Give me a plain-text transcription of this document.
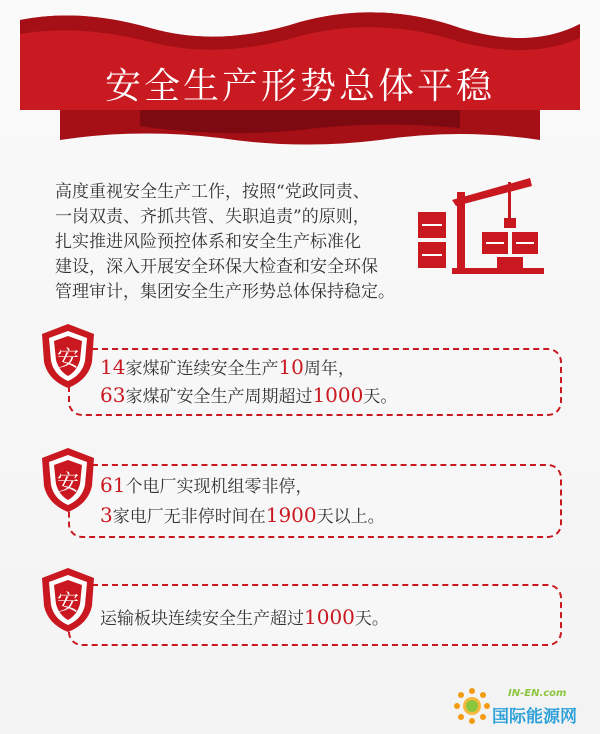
安全生产形势总体平稳

高度重视安全生产工作，按照“党政同责、

一岗双责、齐抓共管、失职追责”的原则，

扎实推进风险预控体系和安全生产标准化

建设，深入开展安全环保大检查和安全环保

管理审计，集团安全生产形势总体保持稳定。

安 14家煤矿连续安全生产10周年，
63家煤矿安全生产周期超过1000天。
安 61个电厂实现机组零非停，
3家电厂无非停时间在1900天以上。
安
运输板块连续安全生产超过1000天。
IN-EN.com
国际能源网
